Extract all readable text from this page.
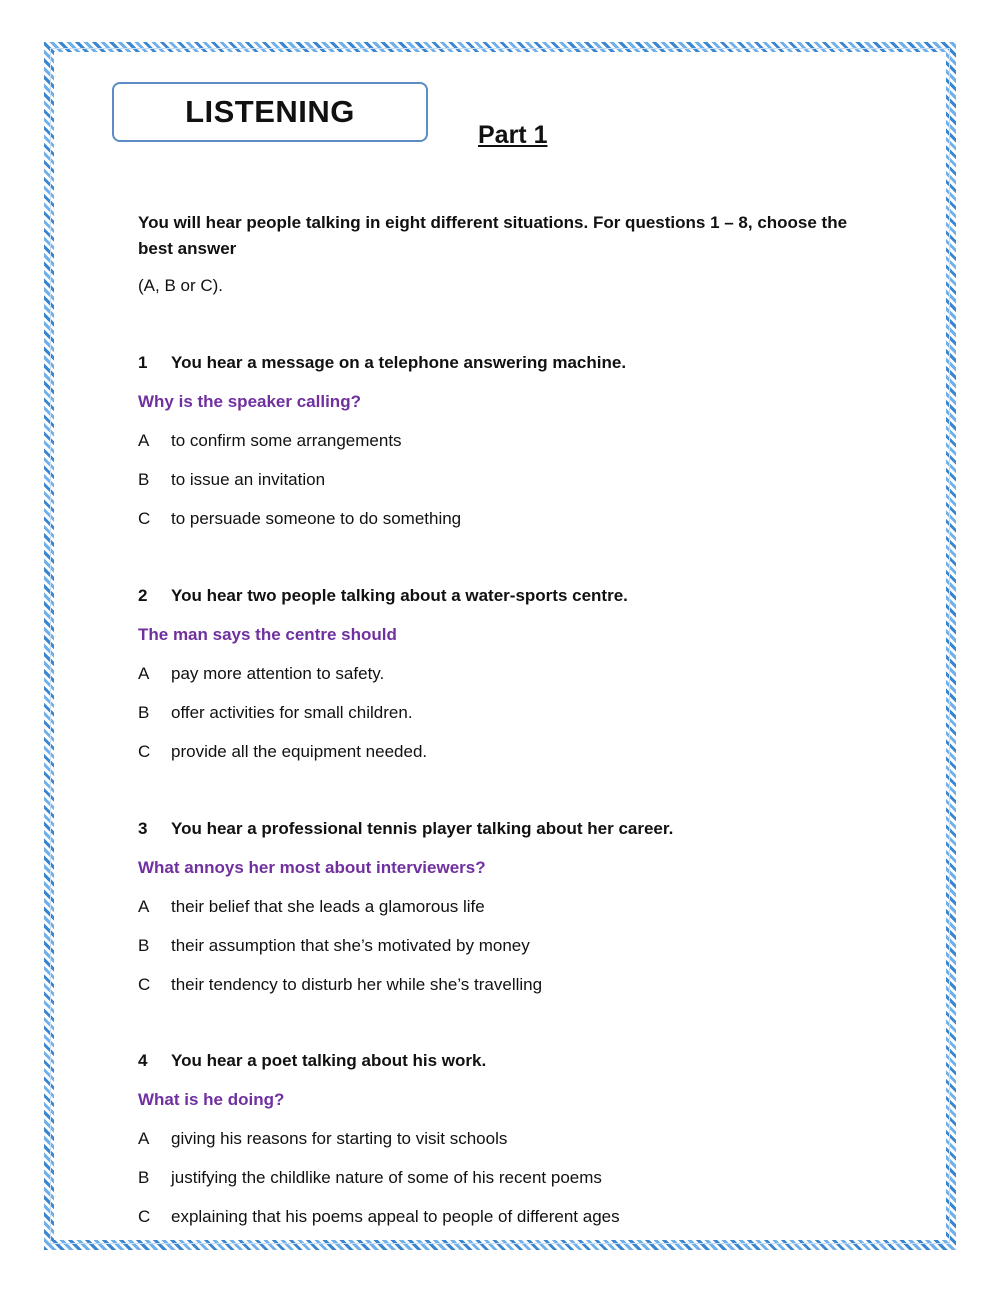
LISTENING
Part 1
You will hear people talking in eight different situations. For questions 1 – 8, choose the best answer
(A, B or C).
1	You hear a message on a telephone answering machine.
Why is the speaker calling?
A	to confirm some arrangements
B	to issue an invitation
C	to persuade someone to do something
2	You hear two people talking about a water-sports centre.
The man says the centre should
A	pay more attention to safety.
B	offer activities for small children.
C	provide all the equipment needed.
3	You hear a professional tennis player talking about her career.
What annoys her most about interviewers?
A	their belief that she leads a glamorous life
B	their assumption that she’s motivated by money
C	their tendency to disturb her while she’s travelling
4	You hear a poet talking about his work.
What is he doing?
A	giving his reasons for starting to visit schools
B	justifying the childlike nature of some of his recent poems
C	explaining that his poems appeal to people of different ages
